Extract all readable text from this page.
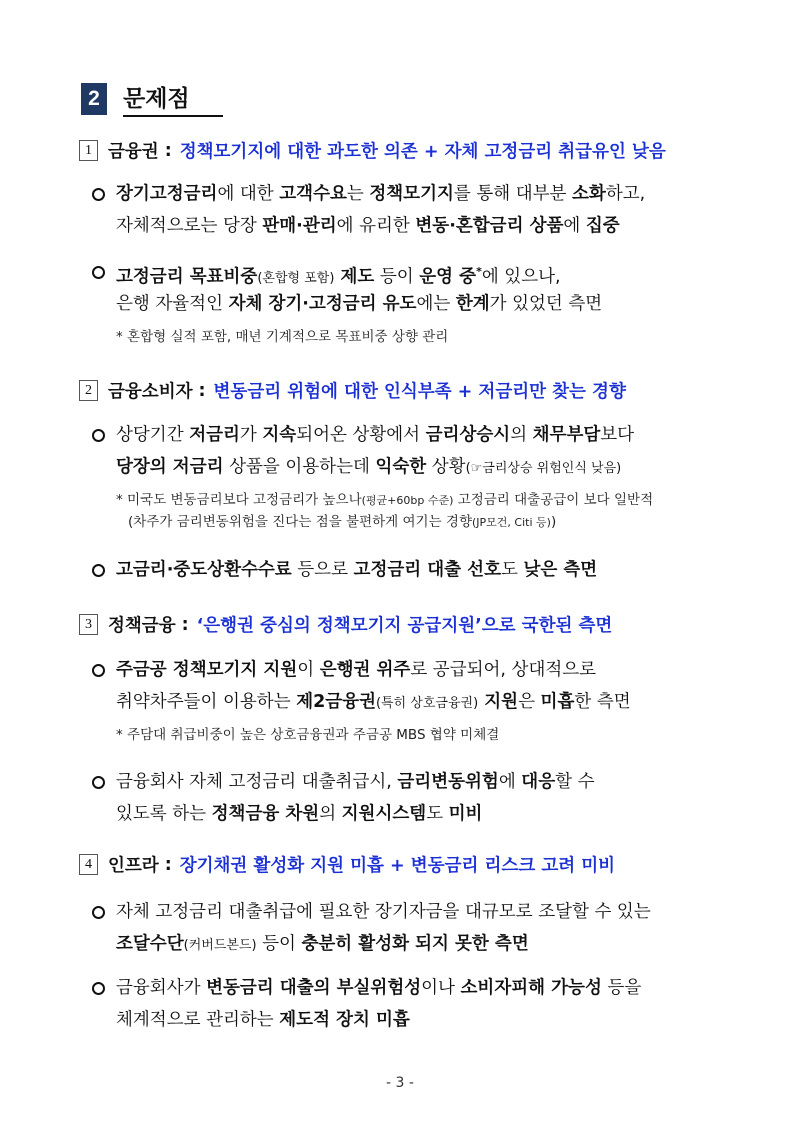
2	문제점
1 금융권 : 정책모기지에 대한 과도한 의존 + 자체 고정금리 취급유인 낮음
장기고정금리에 대한 고객수요는 정책모기지를 통해 대부분 소화하고,
자체적으로는 당장 판매·관리에 유리한 변동·혼합금리 상품에 집중
고정금리 목표비중(혼합형 포함) 제도 등이 운영 중*에 있으나,
은행 자율적인 자체 장기·고정금리 유도에는 한계가 있었던 측면
* 혼합형 실적 포함, 매년 기계적으로 목표비중 상향 관리
2 금융소비자 : 변동금리 위험에 대한 인식부족 + 저금리만 찾는 경향
상당기간 저금리가 지속되어온 상황에서 금리상승시의 채무부담보다
당장의 저금리 상품을 이용하는데 익숙한 상황(☞금리상승 위험인식 낮음)
* 미국도 변동금리보다 고정금리가 높으나(평균+60bp 수준) 고정금리 대출공급이 보다 일반적
(차주가 금리변동위험을 진다는 점을 불편하게 여기는 경향(JP모건, Citi 등))
고금리·중도상환수수료 등으로 고정금리 대출 선호도 낮은 측면
3 정책금융 : ‘은행권 중심의 정책모기지 공급지원’으로 국한된 측면
주금공 정책모기지 지원이 은행권 위주로 공급되어, 상대적으로
취약차주들이 이용하는 제2금융권(특히 상호금융권) 지원은 미흡한 측면
* 주담대 취급비중이 높은 상호금융권과 주금공 MBS 협약 미체결
금융회사 자체 고정금리 대출취급시, 금리변동위험에 대응할 수
있도록 하는 정책금융 차원의 지원시스템도 미비
4 인프라 : 장기채권 활성화 지원 미흡 + 변동금리 리스크 고려 미비
자체 고정금리 대출취급에 필요한 장기자금을 대규모로 조달할 수 있는
조달수단(커버드본드) 등이 충분히 활성화 되지 못한 측면
금융회사가 변동금리 대출의 부실위험성이나 소비자피해 가능성 등을
체계적으로 관리하는 제도적 장치 미흡
- 3 -
